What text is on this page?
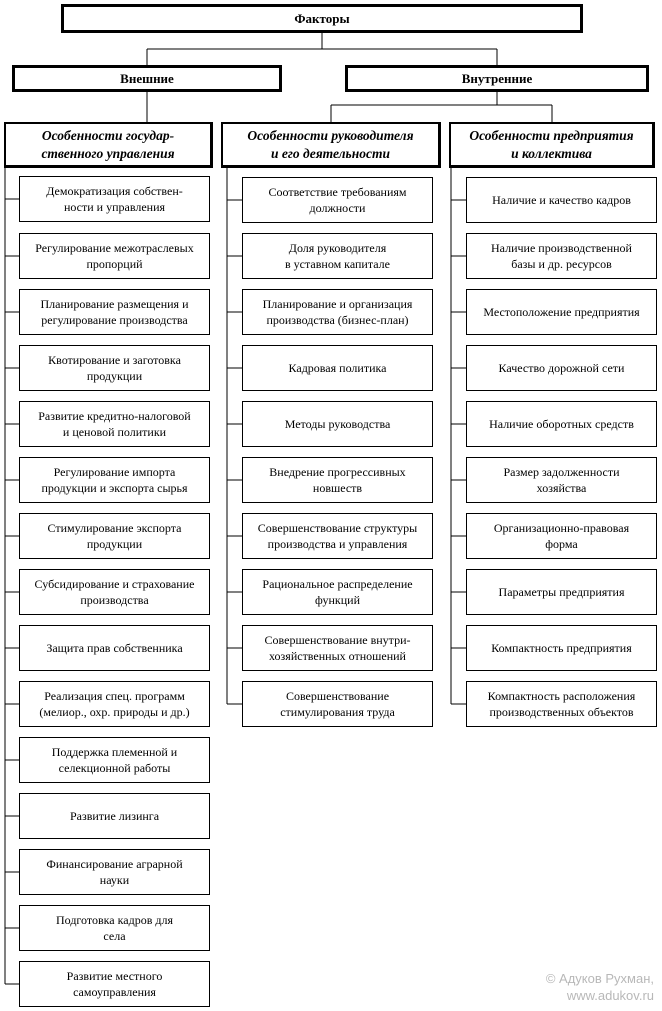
Факторы
Внешние	Внутренние
Особенности государ-
ственного управления
Демократизация собствен-
ности и управления
Регулирование межотраслевых
пропорций
Планирование размещения и
регулирование производства
Квотирование и заготовка
продукции
Развитие кредитно-налоговой
и ценовой политики
Регулирование импорта
продукции и экспорта сырья
Стимулирование экспорта
продукции
Субсидирование и страхование
производства
Защита прав собственника
Реализация спец. программ
(мелиор., охр. природы и др.)
Поддержка племенной и
селекционной работы
Развитие лизинга
Финансирование аграрной
науки
Подготовка кадров для
села
Развитие местного
самоуправления
Особенности руководителя
и его деятельности
Соответствие требованиям
должности
Доля руководителя
в уставном капитале
Планирование и организация
производства (бизнес-план)
Кадровая политика
Методы руководства
Внедрение прогрессивных
новшеств
Совершенствование структуры
производства и управления
Рациональное распределение
функций
Совершенствование внутри-
хозяйственных отношений
Совершенствование
стимулирования труда
Особенности предприятия
и коллектива
Наличие и качество кадров
Наличие производственной
базы и др. ресурсов
Местоположение предприятия
Качество дорожной сети
Наличие оборотных средств
Размер задолженности
хозяйства
Организационно-правовая
форма
Параметры предприятия
Компактность предприятия
Компактность расположения
производственных объектов
© Адуков Рухман,
www.adukov.ru
